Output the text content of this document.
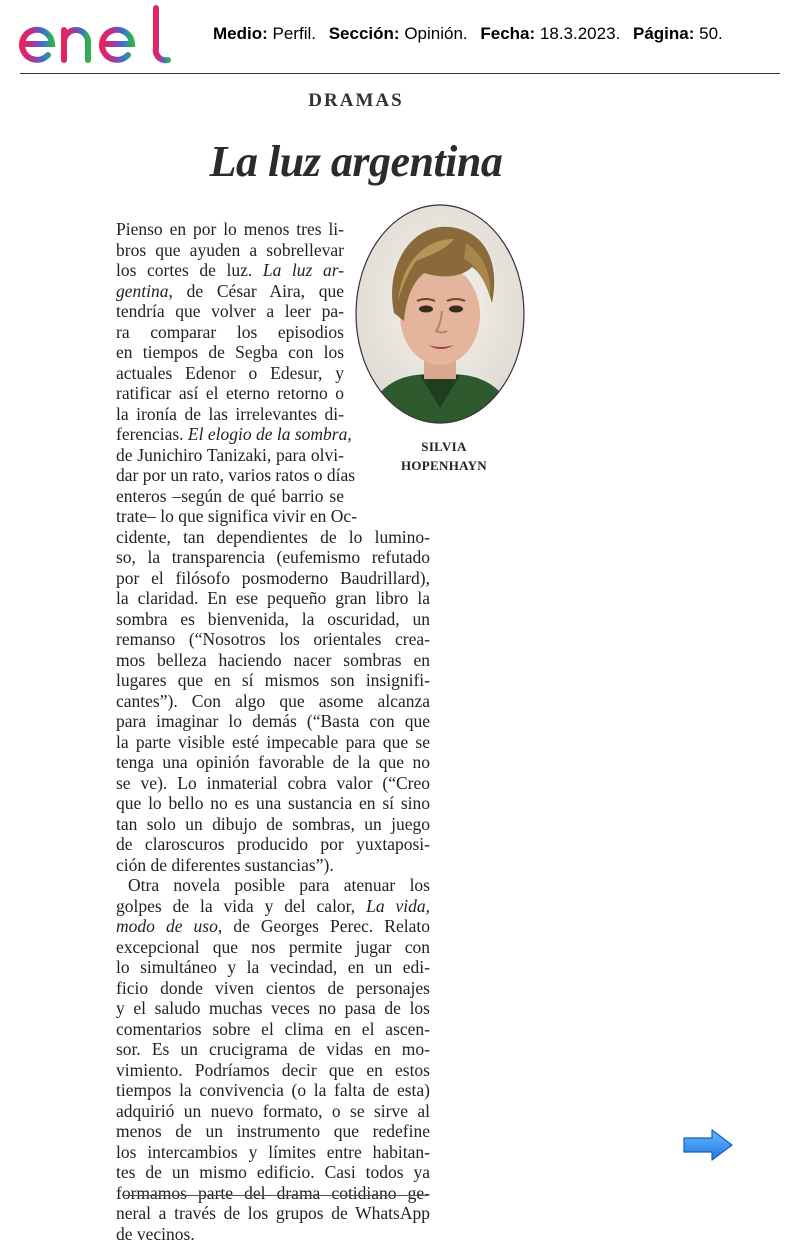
enel
Medio: Perfil. Sección: Opinión. Fecha: 18.3.2023. Página: 50.
DRAMAS
La luz argentina
SILVIA
HOPENHAYN
Pienso en por lo menos tres li-
bros que ayuden a sobrellevar
los cortes de luz. La luz ar-
gentina, de César Aira, que
tendría que volver a leer pa-
ra comparar los episodios
en tiempos de Segba con los
actuales Edenor o Edesur, y
ratificar así el eterno retorno o
la ironía de las irrelevantes di-
ferencias. El elogio de la sombra,
de Junichiro Tanizaki, para olvi-
dar por un rato, varios ratos o días
enteros –según de qué barrio se
trate– lo que significa vivir en Oc-
cidente, tan dependientes de lo lumino-
so, la transparencia (eufemismo refutado
por el filósofo posmoderno Baudrillard),
la claridad. En ese pequeño gran libro la
sombra es bienvenida, la oscuridad, un
remanso (“Nosotros los orientales crea-
mos belleza haciendo nacer sombras en
lugares que en sí mismos son insignifi-
cantes”). Con algo que asome alcanza
para imaginar lo demás (“Basta con que
la parte visible esté impecable para que se
tenga una opinión favorable de la que no
se ve). Lo inmaterial cobra valor (“Creo
que lo bello no es una sustancia en sí sino
tan solo un dibujo de sombras, un juego
de claroscuros producido por yuxtaposi-
ción de diferentes sustancias”).
Otra novela posible para atenuar los
golpes de la vida y del calor, La vida,
modo de uso, de Georges Perec. Relato
excepcional que nos permite jugar con
lo simultáneo y la vecindad, en un edi-
ficio donde viven cientos de personajes
y el saludo muchas veces no pasa de los
comentarios sobre el clima en el ascen-
sor. Es un crucigrama de vidas en mo-
vimiento. Podríamos decir que en estos
tiempos la convivencia (o la falta de esta)
adquirió un nuevo formato, o se sirve al
menos de un instrumento que redefine
los intercambios y límites entre habitan-
tes de un mismo edificio. Casi todos ya
formamos parte del drama cotidiano ge-
neral a través de los grupos de WhatsApp
de vecinos.
